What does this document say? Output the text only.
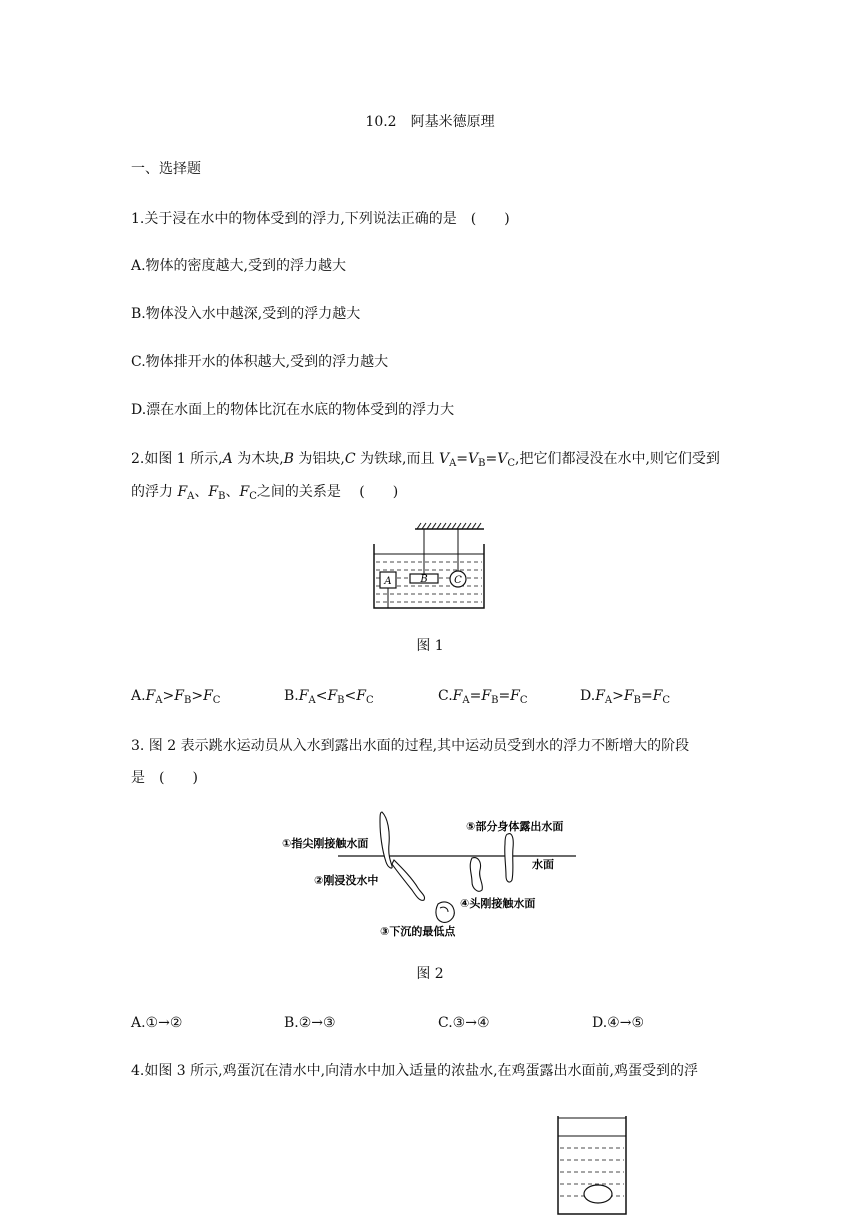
10.2　阿基米德原理
一、选择题
1.关于浸在水中的物体受到的浮力,下列说法正确的是　(　　)
A.物体的密度越大,受到的浮力越大
B.物体没入水中越深,受到的浮力越大
C.物体排开水的体积越大,受到的浮力越大
D.漂在水面上的物体比沉在水底的物体受到的浮力大
2.如图 1 所示,A 为木块,B 为铝块,C 为铁球,而且 $V_A=V_B=V_C$,把它们都浸没在水中,则它们受到
的浮力 $F_A$、$F_B$、$F_C$之间的关系是　 (　　)
A	B	C
图 1
$A.F_A>F_B>F_C$	$B.F_A<F_B<F_C$	$C.F_A=F_B=F_C$	$D.F_A>F_B=F_C$
3. 图 2 表示跳水运动员从入水到露出水面的过程,其中运动员受到水的浮力不断增大的阶段
是　(　　)
①指尖刚接触水面
②刚浸没水中
③下沉的最低点
④头刚接触水面
⑤部分身体露出水面
水面
图 2
A.①→②	B.②→③	C.③→④	D.④→⑤
4.如图 3 所示,鸡蛋沉在清水中,向清水中加入适量的浓盐水,在鸡蛋露出水面前,鸡蛋受到的浮
